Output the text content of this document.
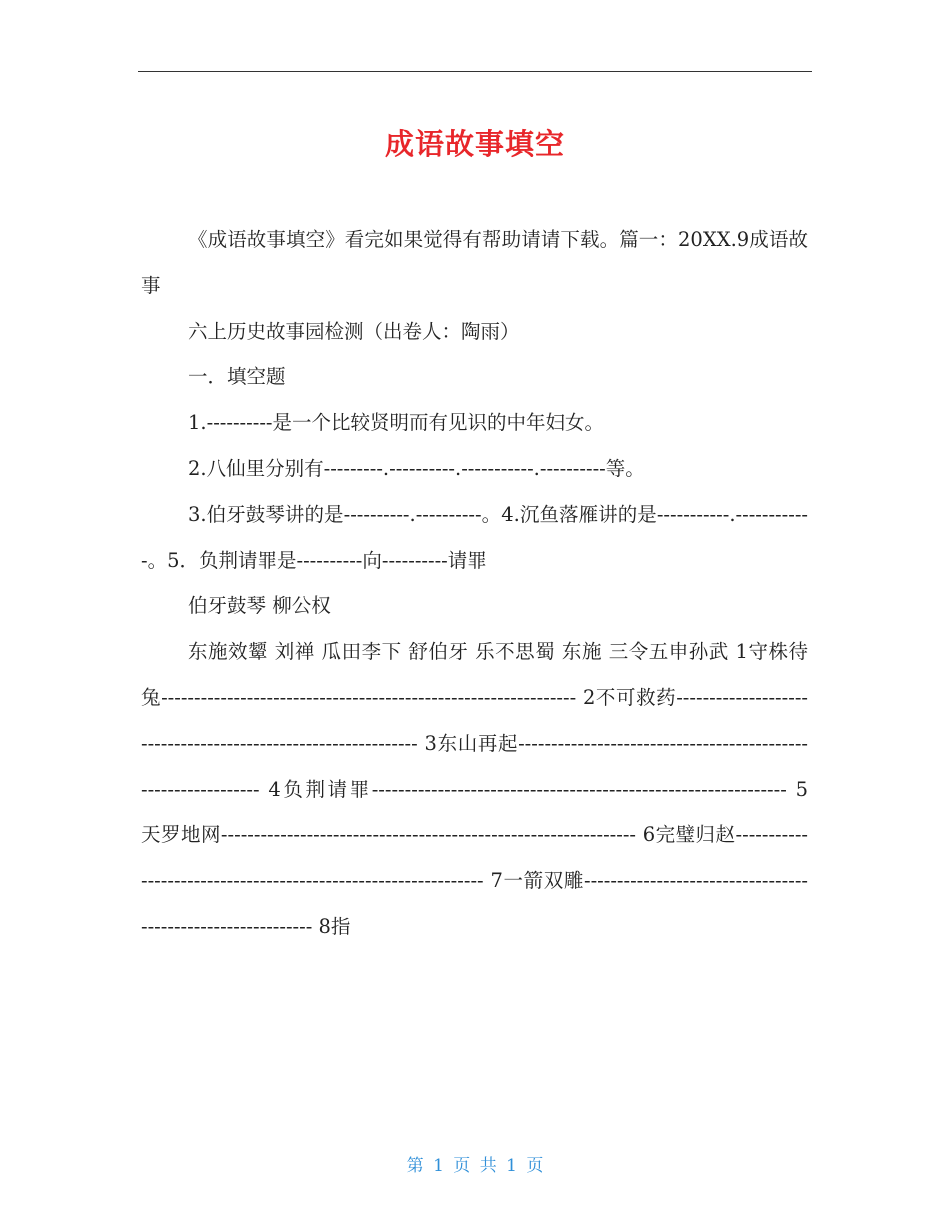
成语故事填空

《成语故事填空》看完如果觉得有帮助请请下载。篇一：20XX.9成语故事

六上历史故事园检测（出卷人：陶雨）

一．填空题

1.----------是一个比较贤明而有见识的中年妇女。

2.八仙里分别有---------.----------.-----------.----------等。

3.伯牙鼓琴讲的是----------.----------。4.沉鱼落雁讲的是-----------.------------。5．负荆请罪是----------向----------请罪

伯牙鼓琴 柳公权

东施效颦 刘禅 瓜田李下 舒伯牙 乐不思蜀 东施 三令五申孙武 1守株待兔--------------------------------------------------------------- 2不可救药-------------------------------------------------------------- 3东山再起-------------------------------------------------------------- 4负荆请罪--------------------------------------------------------------- 5天罗地网--------------------------------------------------------------- 6完璧归赵--------------------------------------------------------------- 7一箭双雕------------------------------------------------------------ 8指

第 1 页 共 1 页
